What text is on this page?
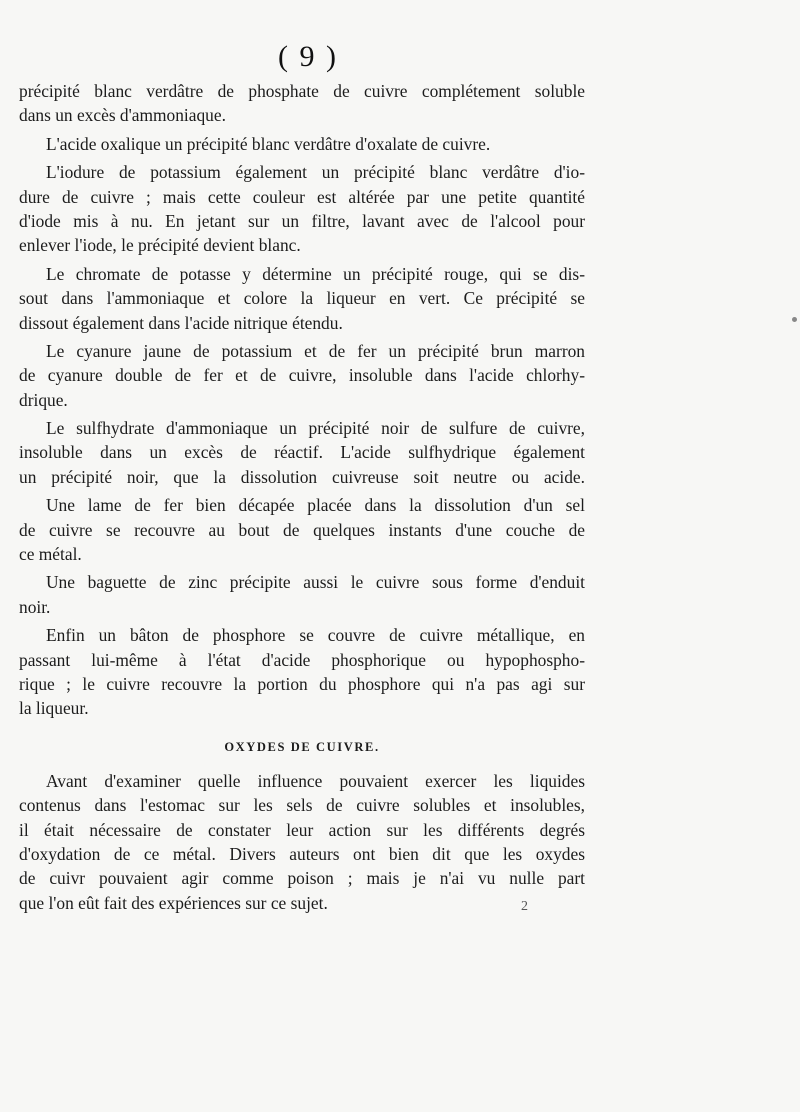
( 9 )
précipité blanc verdâtre de phosphate de cuivre complétement soluble
dans un excès d'ammoniaque.
L'acide oxalique un précipité blanc verdâtre d'oxalate de cuivre.
L'iodure de potassium également un précipité blanc verdâtre d'io-
dure de cuivre ; mais cette couleur est altérée par une petite quantité
d'iode mis à nu. En jetant sur un filtre, lavant avec de l'alcool pour
enlever l'iode, le précipité devient blanc.
Le chromate de potasse y détermine un précipité rouge, qui se dis-
sout dans l'ammoniaque et colore la liqueur en vert. Ce précipité se
dissout également dans l'acide nitrique étendu.
Le cyanure jaune de potassium et de fer un précipité brun marron
de cyanure double de fer et de cuivre, insoluble dans l'acide chlorhy-
drique.
Le sulfhydrate d'ammoniaque un précipité noir de sulfure de cuivre,
insoluble dans un excès de réactif. L'acide sulfhydrique également
un précipité noir, que la dissolution cuivreuse soit neutre ou acide.
Une lame de fer bien décapée placée dans la dissolution d'un sel
de cuivre se recouvre au bout de quelques instants d'une couche de
ce métal.
Une baguette de zinc précipite aussi le cuivre sous forme d'enduit
noir.
Enfin un bâton de phosphore se couvre de cuivre métallique, en
passant lui-même à l'état d'acide phosphorique ou hypophospho-
rique ; le cuivre recouvre la portion du phosphore qui n'a pas agi sur
la liqueur.
OXYDES DE CUIVRE.
Avant d'examiner quelle influence pouvaient exercer les liquides
contenus dans l'estomac sur les sels de cuivre solubles et insolubles,
il était nécessaire de constater leur action sur les différents degrés
d'oxydation de ce métal. Divers auteurs ont bien dit que les oxydes
de cuivr pouvaient agir comme poison ; mais je n'ai vu nulle part
que l'on eût fait des expériences sur ce sujet.	2
